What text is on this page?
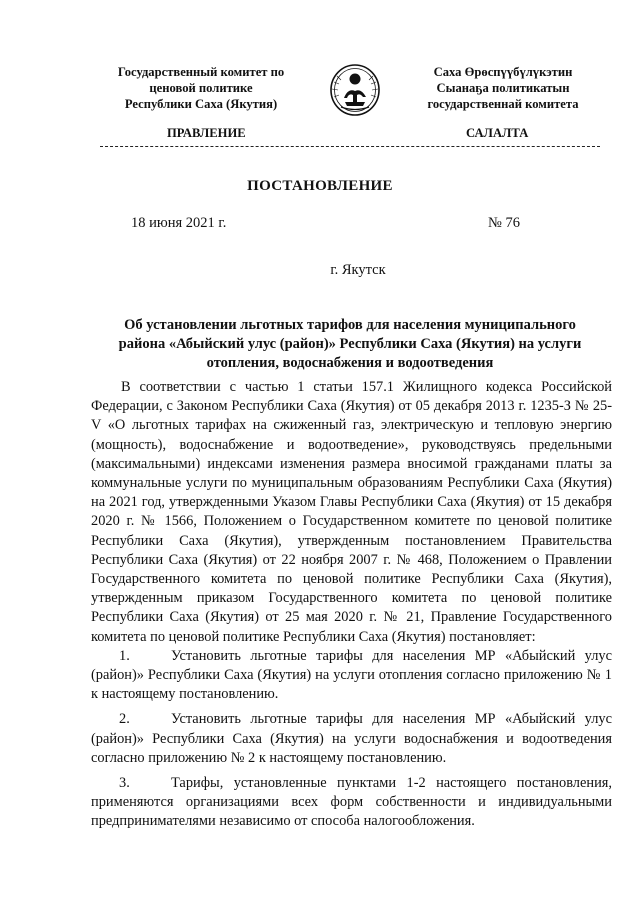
Государственный комитет по
ценовой политике
Республики Саха (Якутия)
Саха Өрөспүүбүлүкэтин
Сыанаҕа политикатын
государственнай комитета
ПРАВЛЕНИЕ	САЛАЛТА
ПОСТАНОВЛЕНИЕ
18 июня 2021 г.	№ 76
г. Якутск
Об установлении льготных тарифов для населения муниципального района «Абыйский улус (район)» Республики Саха (Якутия) на услуги отопления, водоснабжения и водоотведения

В соответствии с частью 1 статьи 157.1 Жилищного кодекса Российской Федерации, с Законом Республики Саха (Якутия) от 05 декабря 2013 г. 1235-З № 25-V «О льготных тарифах на сжиженный газ, электрическую и тепловую энергию (мощность), водоснабжение и водоотведение», руководствуясь предельными (максимальными) индексами изменения размера вносимой гражданами платы за коммунальные услуги по муниципальным образованиям Республики Саха (Якутия) на 2021 год, утвержденными Указом Главы Республики Саха (Якутия) от 15 декабря 2020 г. № 1566, Положением о Государственном комитете по ценовой политике Республики Саха (Якутия), утвержденным постановлением Правительства Республики Саха (Якутия) от 22 ноября 2007 г. № 468, Положением о Правлении Государственного комитета по ценовой политике Республики Саха (Якутия), утвержденным приказом Государственного комитета по ценовой политике Республики Саха (Якутия) от 25 мая 2020 г. № 21, Правление Государственного комитета по ценовой политике Республики Саха (Якутия) постановляет:

1.	Установить льготные тарифы для населения МР «Абыйский улус (район)» Республики Саха (Якутия) на услуги отопления согласно приложению № 1 к настоящему постановлению.

2.	Установить льготные тарифы для населения МР «Абыйский улус (район)» Республики Саха (Якутия) на услуги водоснабжения и водоотведения согласно приложению № 2 к настоящему постановлению.

3.	Тарифы, установленные пунктами 1-2 настоящего постановления, применяются организациями всех форм собственности и индивидуальными предпринимателями независимо от способа налогообложения.
